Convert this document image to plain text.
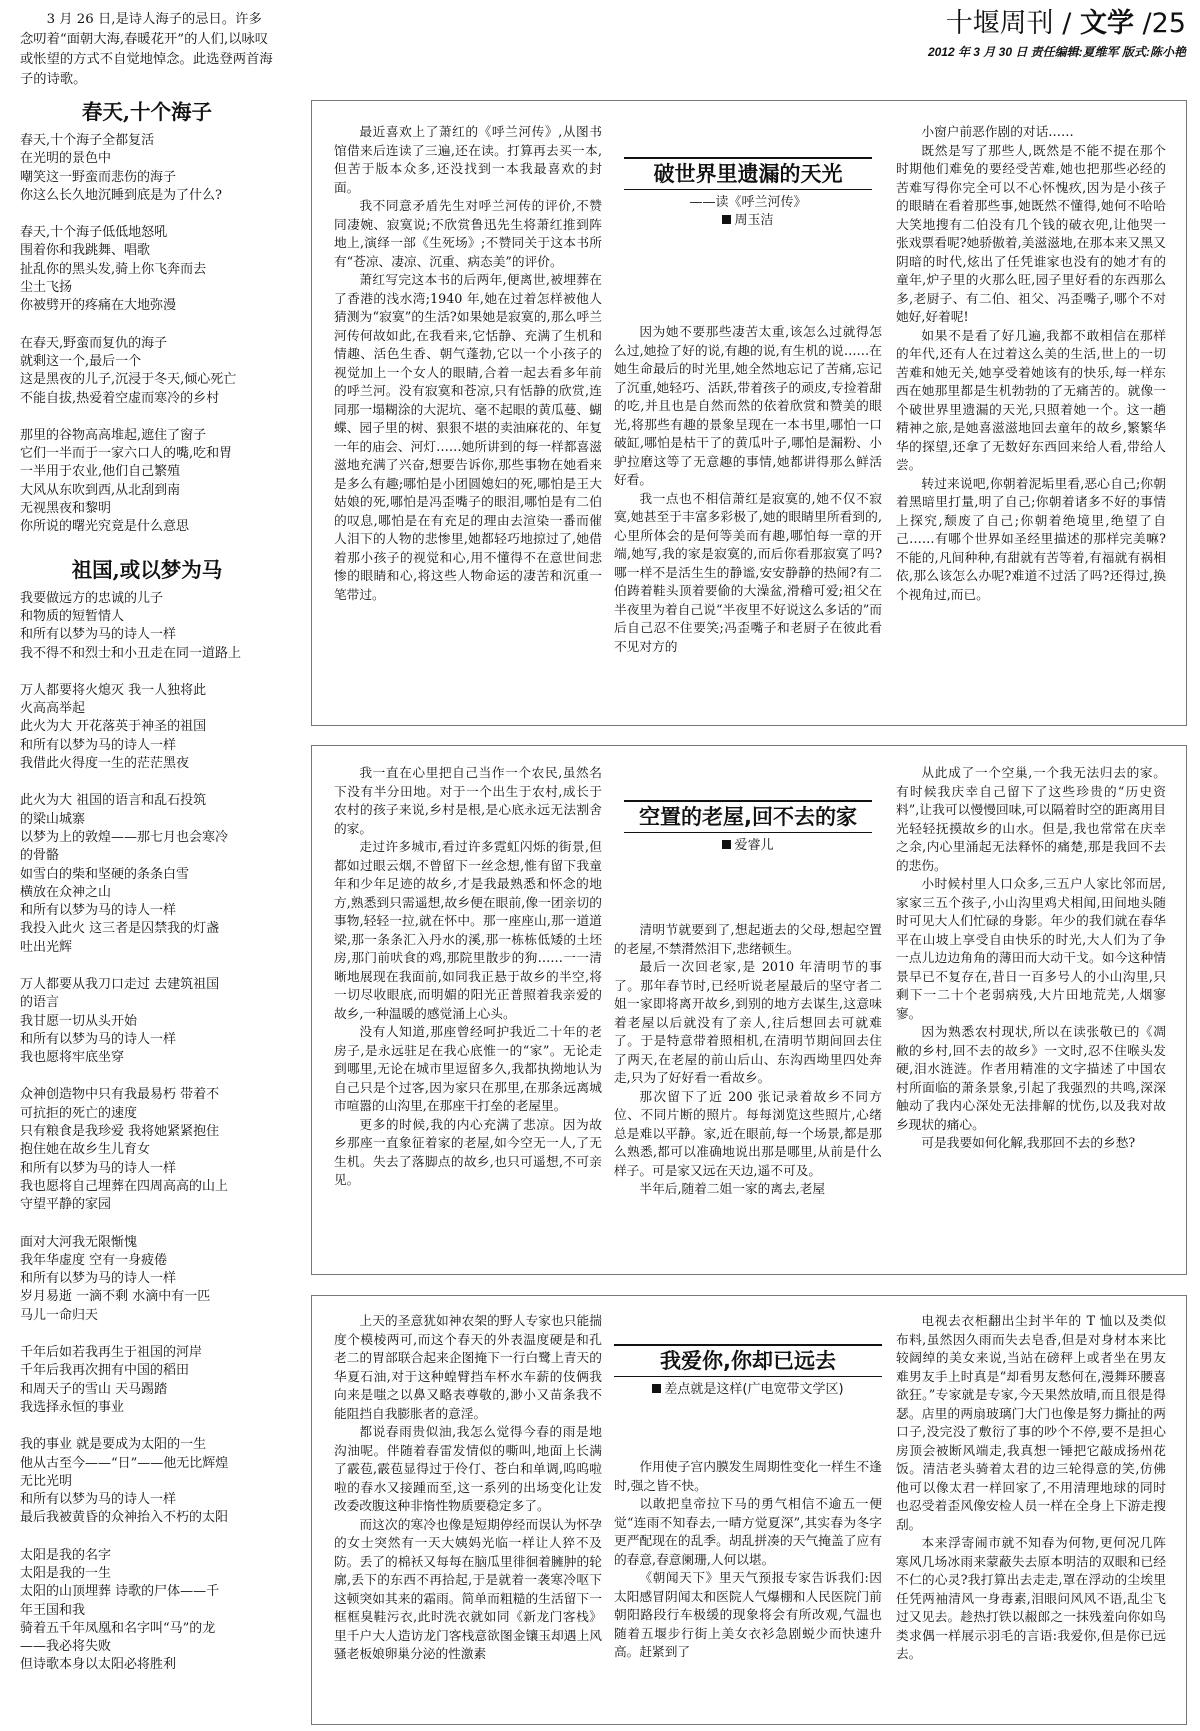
十堰周刊 / 文学 /25
2012 年 3 月 30 日 责任编辑:夏维军 版式:陈小艳

3 月 26 日,是诗人海子的忌日。许多念叨着“面朝大海,春暖花开”的人们,以咏叹或怅望的方式不自觉地悼念。此选登两首海子的诗歌。

春天,十个海子
春天,十个海子全都复活
在光明的景色中
嘲笑这一野蛮而悲伤的海子
你这么长久地沉睡到底是为了什么?
春天,十个海子低低地怒吼
围着你和我跳舞、唱歌
扯乱你的黑头发,骑上你飞奔而去
尘土飞扬
你被劈开的疼痛在大地弥漫
在春天,野蛮而复仇的海子
就剩这一个,最后一个
这是黑夜的儿子,沉浸于冬天,倾心死亡
不能自拔,热爱着空虚而寒冷的乡村
那里的谷物高高堆起,遮住了窗子
它们一半而于一家六口人的嘴,吃和胃
一半用于农业,他们自己繁殖
大风从东吹到西,从北刮到南
无视黑夜和黎明
你所说的曙光究竟是什么意思
祖国,或以梦为马
我要做远方的忠诚的儿子
和物质的短暂情人
和所有以梦为马的诗人一样
我不得不和烈士和小丑走在同一道路上
万人都要将火熄灭 我一人独将此
火高高举起
此火为大 开花落英于神圣的祖国
和所有以梦为马的诗人一样
我借此火得度一生的茫茫黑夜
此火为大 祖国的语言和乱石投筑
的梁山城寨
以梦为上的敦煌——那七月也会寒冷
的骨骼
如雪白的柴和坚硬的条条白雪
横放在众神之山
和所有以梦为马的诗人一样
我投入此火 这三者是囚禁我的灯盏
吐出光辉
万人都要从我刀口走过 去建筑祖国
的语言
我甘愿一切从头开始
和所有以梦为马的诗人一样
我也愿将牢底坐穿
众神创造物中只有我最易朽 带着不
可抗拒的死亡的速度
只有粮食是我珍爱 我将她紧紧抱住
抱住她在故乡生儿育女
和所有以梦为马的诗人一样
我也愿将自己埋葬在四周高高的山上
守望平静的家园
面对大河我无限惭愧
我年华虚度 空有一身疲倦
和所有以梦为马的诗人一样
岁月易逝 一滴不剩 水滴中有一匹
马儿一命归天
千年后如若我再生于祖国的河岸
千年后我再次拥有中国的稻田
和周天子的雪山 天马踢踏
我选择永恒的事业
我的事业 就是要成为太阳的一生
他从古至今——“日”——他无比辉煌
无比光明
和所有以梦为马的诗人一样
最后我被黄昏的众神抬入不朽的太阳
太阳是我的名字
太阳是我的一生
太阳的山顶埋葬 诗歌的尸体——千
年王国和我
骑着五千年凤凰和名字叫“马”的龙
——我必将失败
但诗歌本身以太阳必将胜利

最近喜欢上了萧红的《呼兰河传》,从图书馆借来后连读了三遍,还在读。打算再去买一本,但苦于版本众多,还没找到一本我最喜欢的封面。

我不同意矛盾先生对呼兰河传的评价,不赞同凄婉、寂寞说;不欣赏鲁迅先生将萧红推到阵地上,演绎一部《生死场》;不赞同关于这本书所有“苍凉、凄凉、沉重、病态美”的评价。

萧红写完这本书的后两年,便离世,被埋葬在了香港的浅水湾;1940 年,她在过着怎样被他人猜测为“寂寞”的生活?如果她是寂寞的,那么呼兰河传何故如此,在我看来,它恬静、充满了生机和情趣、活色生香、朝气蓬勃,它以一个小孩子的视觉加上一个女人的眼睛,合着一起去看多年前的呼兰河。没有寂寞和苍凉,只有恬静的欣赏,连同那一塌糊涂的大泥坑、毫不起眼的黄瓜蔓、蝴蝶、园子里的树、狠狠不堪的卖油麻花的、年复一年的庙会、河灯……她所讲到的每一样都喜滋滋地充满了兴奋,想要告诉你,那些事物在她看来是多么有趣;哪怕是小团圆媳妇的死,哪怕是王大姑娘的死,哪怕是冯歪嘴子的眼泪,哪怕是有二伯的叹息,哪怕是在有充足的理由去渲染一番而催人泪下的人物的悲惨里,她都轻巧地掠过了,她借着那小孩子的视觉和心,用不懂得不在意世间悲惨的眼睛和心,将这些人物命运的凄苦和沉重一笔带过。

破世界里遗漏的天光
——读《呼兰河传》
周玉洁

因为她不要那些凄苦太重,该怎么过就得怎么过,她捡了好的说,有趣的说,有生机的说……在她生命最后的时光里,她全然地忘记了苦痛,忘记了沉重,她轻巧、活跃,带着孩子的顽皮,专捡着甜的吃,并且也是自然而然的依着欣赏和赞美的眼光,将那些有趣的景象呈现在一本书里,哪怕一口破缸,哪怕是枯干了的黄瓜叶子,哪怕是漏粉、小驴拉磨这等了无意趣的事情,她都讲得那么鲜活好看。

我一点也不相信萧红是寂寞的,她不仅不寂寞,她甚至于丰富多彩极了,她的眼睛里所看到的,心里所体会的是何等美而有趣,哪怕每一章的开端,她写,我的家是寂寞的,而后你看那寂寞了吗?哪一样不是活生生的静谧,安安静静的热闹?有二伯踌着鞋头顶着要偷的大澡盆,滑稽可爱;祖父在半夜里为着自己说“半夜里不好说这么多话的”而后自己忍不住要笑;冯歪嘴子和老厨子在彼此看不见对方的

小窗户前恶作剧的对话……

既然是写了那些人,既然是不能不提在那个时期他们难免的要经受苦难,她也把那些必经的苦难写得你完全可以不心怀愧疚,因为是小孩子的眼睛在看着那些事,她既然不懂得,她何不哈哈大笑地搜有二伯没有几个钱的破衣兜,让他哭一张戏票看呢?她骄傲着,美滋滋地,在那本来又黑又阴暗的时代,炫出了任凭谁家也没有的她才有的童年,炉子里的火那么旺,园子里好看的东西那么多,老厨子、有二伯、祖父、冯歪嘴子,哪个不对她好,好着呢!

如果不是看了好几遍,我都不敢相信在那样的年代,还有人在过着这么美的生活,世上的一切苦难和她无关,她享受着她该有的快乐,每一样东西在她那里都是生机勃勃的了无痛苦的。就像一个破世界里遗漏的天光,只照着她一个。这一趟精神之旅,是她喜滋滋地回去童年的故乡,繁繁华华的探望,还拿了无数好东西回来给人看,带给人尝。

转过来说吧,你朝着泥垢里看,恶心自己;你朝着黑暗里打量,明了自己;你朝着诸多不好的事情上探究,颓废了自己;你朝着绝境里,绝望了自己……有哪个世界如圣经里描述的那样完美嘛?不能的,凡间种种,有甜就有苦等着,有福就有祸相依,那么该怎么办呢?难道不过活了吗?还得过,换个视角过,而已。

我一直在心里把自己当作一个农民,虽然名下没有半分田地。对于一个出生于农村,成长于农村的孩子来说,乡村是根,是心底永远无法割舍的家。

走过许多城市,看过许多霓虹闪烁的街景,但都如过眼云烟,不曾留下一丝念想,惟有留下我童年和少年足迹的故乡,才是我最熟悉和怀念的地方,熟悉到只需遥想,故乡便在眼前,像一团亲切的事物,轻轻一拉,就在怀中。那一座座山,那一道道梁,那一条条汇入丹水的溪,那一栋栋低矮的土坯房,那门前吠食的鸡,那院里散步的狗……一一清晰地展现在我面前,如同我正悬于故乡的半空,将一切尽收眼底,而明媚的阳光正普照着我亲爱的故乡,一种温暖的感觉涌上心头。

没有人知道,那座曾经呵护我近二十年的老房子,是永远驻足在我心底惟一的“家”。无论走到哪里,无论在城市里逗留多久,我都执拗地认为自己只是个过客,因为家只在那里,在那条远离城市喧嚣的山沟里,在那座干打垒的老屋里。

更多的时候,我的内心充满了悲凉。因为故乡那座一直象征着家的老屋,如今空无一人,了无生机。失去了落脚点的故乡,也只可遥想,不可亲见。

空置的老屋,回不去的家
爱睿儿

清明节就要到了,想起逝去的父母,想起空置的老屋,不禁潸然泪下,悲绪顿生。

最后一次回老家,是 2010 年清明节的事了。那年春节时,已经听说老屋最后的坚守者二姐一家即将离开故乡,到别的地方去谋生,这意味着老屋以后就没有了亲人,往后想回去可就难了。于是特意带着照相机,在清明节期间回去住了两天,在老屋的前山后山、东沟西坳里四处奔走,只为了好好看一看故乡。

那次留下了近 200 张记录着故乡不同方位、不同片断的照片。每每浏览这些照片,心绪总是难以平静。家,近在眼前,每一个场景,都是那么熟悉,都可以准确地说出那是哪里,从前是什么样子。可是家又远在天边,遥不可及。

半年后,随着二姐一家的离去,老屋

从此成了一个空巢,一个我无法归去的家。有时候我庆幸自己留下了这些珍贵的“历史资料”,让我可以慢慢回味,可以隔着时空的距离用目光轻轻抚摸故乡的山水。但是,我也常常在庆幸之余,内心里涌起无法释怀的痛楚,那是我回不去的悲伤。

小时候村里人口众多,三五户人家比邻而居,家家三五个孩子,小山沟里鸡犬相闻,田间地头随时可见大人们忙碌的身影。年少的我们就在春华平在山坡上享受自由快乐的时光,大人们为了争一点儿边边角角的薄田而大动干戈。如今这种情景早已不复存在,昔日一百多号人的小山沟里,只剩下一二十个老弱病残,大片田地荒芜,人烟寥寥。

因为熟悉农村现状,所以在读张敬已的《凋敝的乡村,回不去的故乡》一文时,忍不住喉头发硬,泪水涟涟。作者用精准的文字描述了中国农村所面临的萧条景象,引起了我强烈的共鸣,深深触动了我内心深处无法排解的忧伤,以及我对故乡现状的痛心。

可是我要如何化解,我那回不去的乡愁?

上天的圣意犹如神农架的野人专家也只能揣度个模棱两可,而这个春天的外表温度硬是和孔老二的胃部联合起来企图掩下一行白鹭上青天的华夏石油,对于这种蝗臂挡车杯水车薪的伎俩我向来是嗤之以鼻又略表尊敬的,渺小又苗条我不能阻挡自我膨胀者的意淫。

都说春雨贵似油,我怎么觉得今春的雨是地沟油呢。伴随着春雷发情似的嘶叫,地面上长满了霰苞,霰苞显得过于伶仃、苍白和单调,呜呜啦啦的春水又接踵而至,这一系列的出场变化让发改委改腹这种非惰性物质要稳定多了。

而这次的寒冷也像是短期停经而误认为怀孕的女士突然有一天大姨妈光临一样让人猝不及防。丢了的棉袄又每每在脑瓜里徘徊着臃肿的轮廓,丢下的东西不再拾起,于是就着一袭寒冷呕下这顿突如其来的霜雨。简单而粗糙的生活留下一框框臭鞋污衣,此时洗衣就如同《新龙门客栈》里千户大人造访龙门客栈意欲图金镶玉却遇上风骚老板娘卵巢分泌的性激素

我爱你,你却已远去
差点就是这样(广电宽带文学区)

作用使子宫内膜发生周期性变化一样生不逢时,强之皆不快。

以敢把皇帝拉下马的勇气相信不逾五一便觉“连雨不知春去,一晴方觉夏深”,其实春为冬字更严配现在的乱季。胡乱拼凑的天气掩盖了应有的春意,春意阑珊,人何以堪。

《朝闻天下》里天气预报专家告诉我们:因太阳感冒阴闻太和医院人气爆棚和人民医院门前朝阳路段行车极缓的现象将会有所改观,气温也随着五堰步行街上美女衣衫急剧蜕少而快速升高。赶紧到了

电视去衣柜翻出尘封半年的 T 恤以及类似布料,虽然因久雨而失去皂香,但是对身材本来比较阔绰的美女来说,当站在磅秤上或者坐在男友难男友手上时真是“却看男友愁何在,漫舞环腰喜欲狂。”专家就是专家,今天果然放晴,而且很是得瑟。店里的两扇玻璃门大门也像是努力撕扯的两口子,没完没了敷衍了事的吵个不停,要不是担心房顶会被断风端走,我真想一锤把它敲成扬州花饭。清洁老头骑着太君的边三轮得意的笑,仿佛他可以像太君一样回家了,不用清理地球的同时也忍受着歪风像安检人员一样在全身上下游走搜刮。

本来浮寄闹市就不知春为何物,更何况几阵寒风几场冰雨来蒙蔽失去原本明洁的双眼和已经不仁的心灵?我打算出去走走,罩在浮动的尘埃里任凭两袖清风一身毒素,泪眼问风风不语,乱尘飞过又见去。趁热打铁以赧郎之一抹残羞向你如鸟类求偶一样展示羽毛的言语:我爱你,但是你已远去。
